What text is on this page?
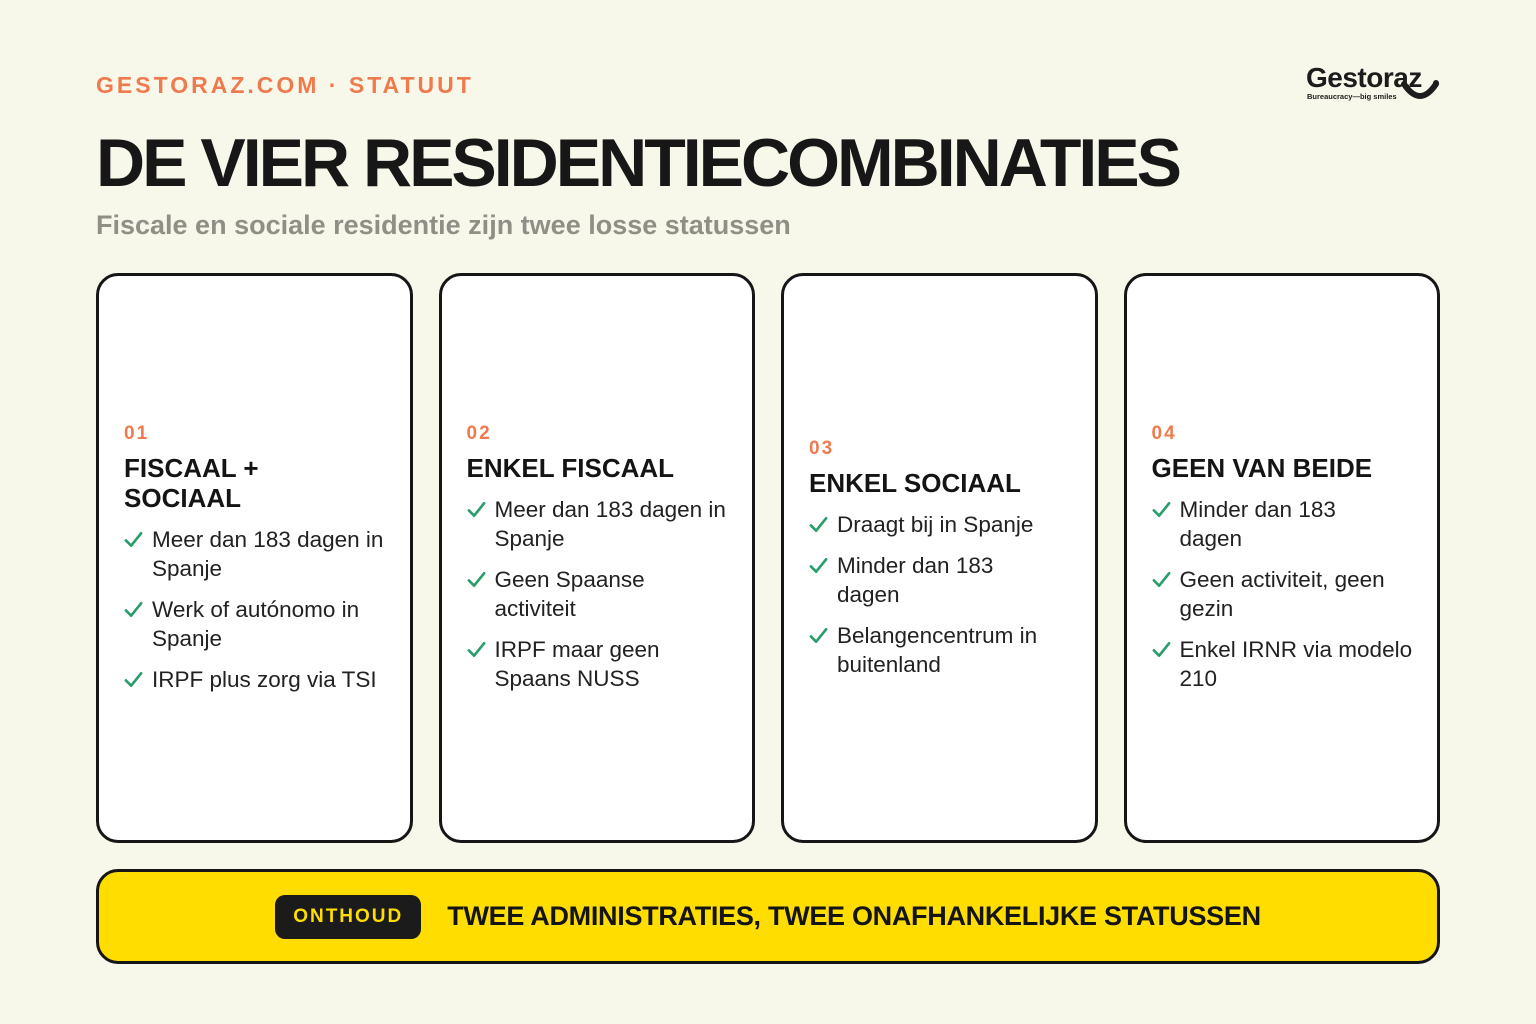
GESTORAZ.COM · STATUUT	Gestoraz
Bureaucracy—big smiles
DE VIER RESIDENTIECOMBINATIES
Fiscale en sociale residentie zijn twee losse statussen
01
FISCAAL + SOCIAAL
Meer dan 183 dagen in Spanje
Werk of autónomo in Spanje
IRPF plus zorg via TSI
02
ENKEL FISCAAL
Meer dan 183 dagen in Spanje
Geen Spaanse activiteit
IRPF maar geen Spaans NUSS
03
ENKEL SOCIAAL
Draagt bij in Spanje
Minder dan 183 dagen
Belangencentrum in buitenland
04
GEEN VAN BEIDE
Minder dan 183 dagen
Geen activiteit, geen gezin
Enkel IRNR via modelo 210
ONTHOUD	TWEE ADMINISTRATIES, TWEE ONAFHANKELIJKE STATUSSEN
